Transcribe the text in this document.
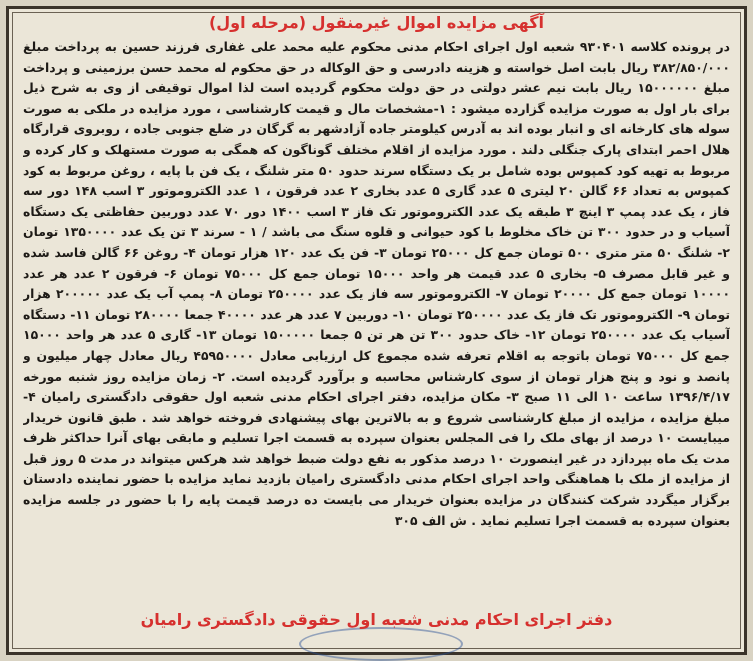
آگهی مزایده اموال غیرمنقول (مرحله اول)
در پرونده کلاسه ۹۳۰۴۰۱ شعبه اول اجرای احکام مدنی محکوم علیه محمد علی غفاری فرزند حسین به پرداخت مبلغ ۳۸۲/۸۵۰/۰۰۰ ریال بابت اصل خواسته و هزینه دادرسی و حق الوکاله در حق محکوم له محمد حسن برزمینی و پرداخت مبلغ ۱۵۰۰۰۰۰۰ ریال بابت نیم عشر دولتی در حق دولت محکوم گردیده است لذا اموال توقیفی از وی به شرح ذیل برای بار اول به صورت مزایده گزارده میشود : ۱-مشخصات مال و قیمت کارشناسی ، مورد مزایده در ملکی به صورت سوله های کارخانه ای و انبار بوده اند به آدرس کیلومتر جاده آزادشهر به گرگان در ضلع جنوبی جاده ، روبروی قرارگاه هلال احمر ابتدای پارک جنگلی دلند . مورد مزایده از اقلام مختلف گوناگون که همگی به صورت مستهلک و کار کرده و مربوط به تهیه کود کمپوس بوده شامل بر یک دستگاه سرند حدود ۵۰ متر شلنگ ، یک فن با پایه ، روغن مربوط به کود کمپوس به تعداد ۶۶ گالن ۲۰ لیتری ۵ عدد گاری ۵ عدد بخاری ۲ عدد فرقون ، ۱ عدد الکتروموتور ۳ اسب ۱۴۸ دور سه فاز ، یک عدد پمپ ۳ اینچ ۳ طبقه یک عدد الکتروموتور تک فاز ۳ اسب ۱۴۰۰ دور ۷۰ عدد دوربین حفاظتی یک دستگاه آسیاب و در حدود ۳۰۰ تن خاک مخلوط با کود حیوانی و قلوه سنگ می باشد / ۱ - سرند ۳ تن یک عدد ۱۳۵۰۰۰۰ تومان ۲- شلنگ ۵۰ متر متری ۵۰۰ تومان جمع کل ۲۵۰۰۰ تومان ۳- فن یک عدد ۱۲۰ هزار تومان ۴- روغن ۶۶ گالن فاسد شده و غیر قابل مصرف ۵- بخاری ۵ عدد قیمت هر واحد ۱۵۰۰۰ تومان جمع کل ۷۵۰۰۰ تومان ۶- فرقون ۲ عدد هر عدد ۱۰۰۰۰ تومان جمع کل ۲۰۰۰۰ تومان ۷- الکتروموتور سه فاز یک عدد ۲۵۰۰۰۰ تومان ۸- پمپ آب یک عدد ۲۰۰۰۰۰ هزار تومان ۹- الکتروموتور تک فاز یک عدد ۲۵۰۰۰۰ تومان ۱۰- دوربین ۷ عدد هر عدد ۴۰۰۰۰ جمعا ۲۸۰۰۰۰ تومان ۱۱- دستگاه آسیاب یک عدد ۲۵۰۰۰۰ تومان ۱۲- خاک حدود ۳۰۰ تن هر تن ۵ جمعا ۱۵۰۰۰۰۰ تومان ۱۳- گاری ۵ عدد هر واحد ۱۵۰۰۰ جمع کل ۷۵۰۰۰ تومان باتوجه به اقلام تعرفه شده مجموع کل ارزیابی معادل ۴۵۹۵۰۰۰۰ ریال معادل چهار میلیون و پانصد و نود و پنج هزار تومان از سوی کارشناس محاسبه و برآورد گردیده است. ۲- زمان مزایده روز شنبه مورخه ۱۳۹۶/۴/۱۷ ساعت ۱۰ الی ۱۱ صبح ۳- مکان مزایده، دفتر اجرای احکام مدنی شعبه اول حقوقی دادگستری رامیان ۴- مبلغ مزایده ، مزایده از مبلغ کارشناسی شروع و به بالاترین بهای پیشنهادی فروخته خواهد شد . طبق قانون خریدار میبایست ۱۰ درصد از بهای ملک را فی المجلس بعنوان سپرده به قسمت اجرا تسلیم و مابقی بهای آنرا حداکثر ظرف مدت یک ماه بپردازد در غیر اینصورت ۱۰ درصد مذکور به نفع دولت ضبط خواهد شد هرکس میتواند در مدت ۵ روز قبل از مزایده از ملک با هماهنگی واحد اجرای احکام مدنی دادگستری رامیان بازدید نماید مزایده با حضور نماینده دادستان برگزار میگردد شرکت کنندگان در مزایده بعنوان خریدار می بایست ده درصد قیمت پایه را با حضور در جلسه مزایده بعنوان سپرده به قسمت اجرا تسلیم نماید . ش الف ۳۰۵
دفتر اجرای احکام مدنی شعبه اول حقوقی دادگستری رامیان
